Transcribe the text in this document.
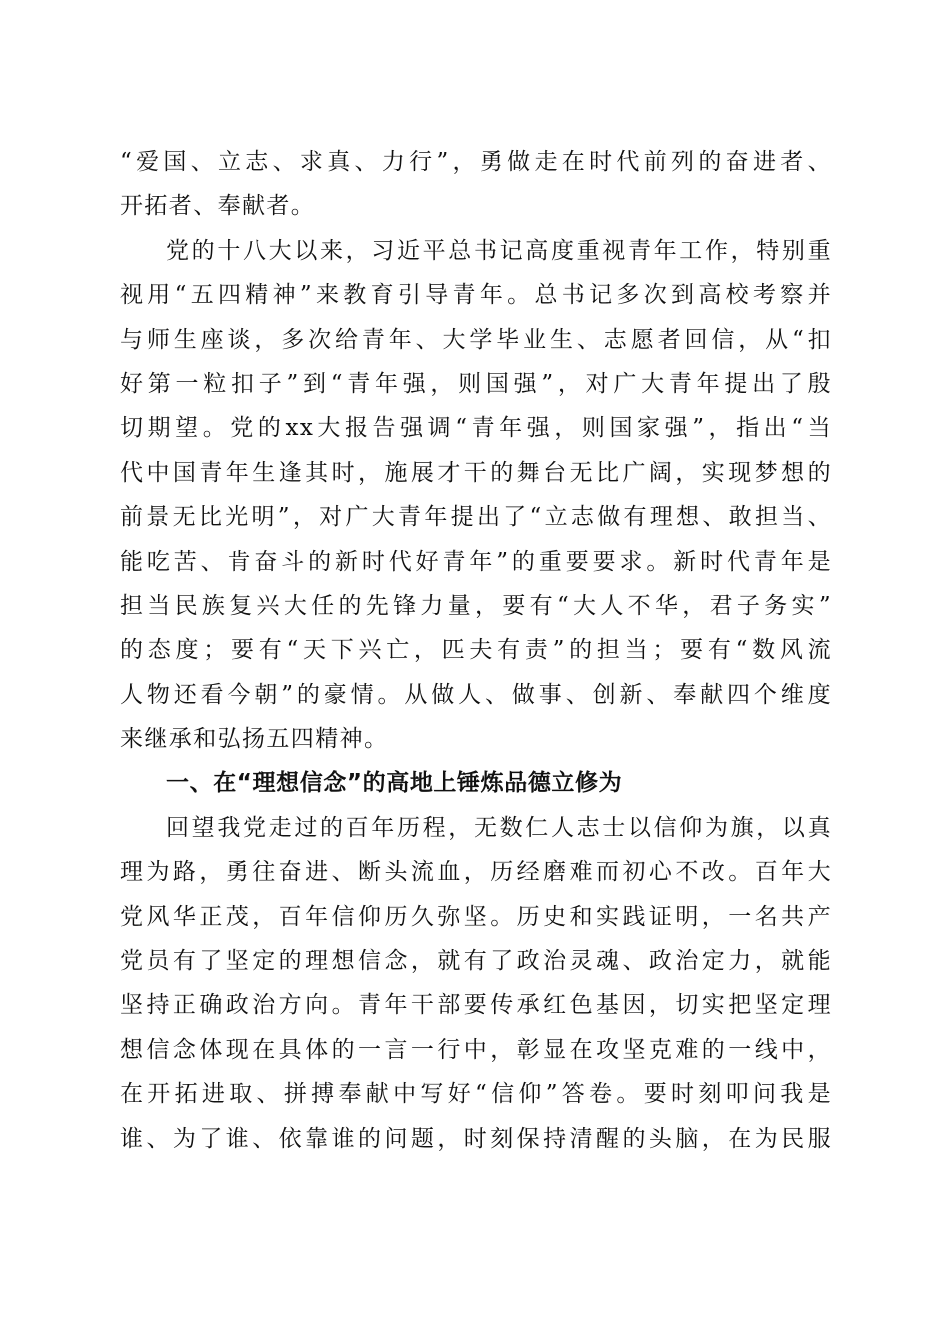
“爱国、立志、求真、力行”，勇做走在时代前列的奋进者、
开拓者、奉献者。
党的十八大以来，习近平总书记高度重视青年工作，特别重
视用“五四精神”来教育引导青年。总书记多次到高校考察并
与师生座谈，多次给青年、大学毕业生、志愿者回信，从“扣
好第一粒扣子”到“青年强，则国强”，对广大青年提出了殷
切期望。党的xx大报告强调“青年强，则国家强”，指出“当
代中国青年生逢其时，施展才干的舞台无比广阔，实现梦想的
前景无比光明”，对广大青年提出了“立志做有理想、敢担当、
能吃苦、肯奋斗的新时代好青年”的重要要求。新时代青年是
担当民族复兴大任的先锋力量，要有“大人不华，君子务实”
的态度；要有“天下兴亡，匹夫有责”的担当；要有“数风流
人物还看今朝”的豪情。从做人、做事、创新、奉献四个维度
来继承和弘扬五四精神。
一、在“理想信念”的高地上锤炼品德立修为
回望我党走过的百年历程，无数仁人志士以信仰为旗，以真
理为路，勇往奋进、断头流血，历经磨难而初心不改。百年大
党风华正茂，百年信仰历久弥坚。历史和实践证明，一名共产
党员有了坚定的理想信念，就有了政治灵魂、政治定力，就能
坚持正确政治方向。青年干部要传承红色基因，切实把坚定理
想信念体现在具体的一言一行中，彰显在攻坚克难的一线中，
在开拓进取、拼搏奉献中写好“信仰”答卷。要时刻叩问我是
谁、为了谁、依靠谁的问题，时刻保持清醒的头脑，在为民服
